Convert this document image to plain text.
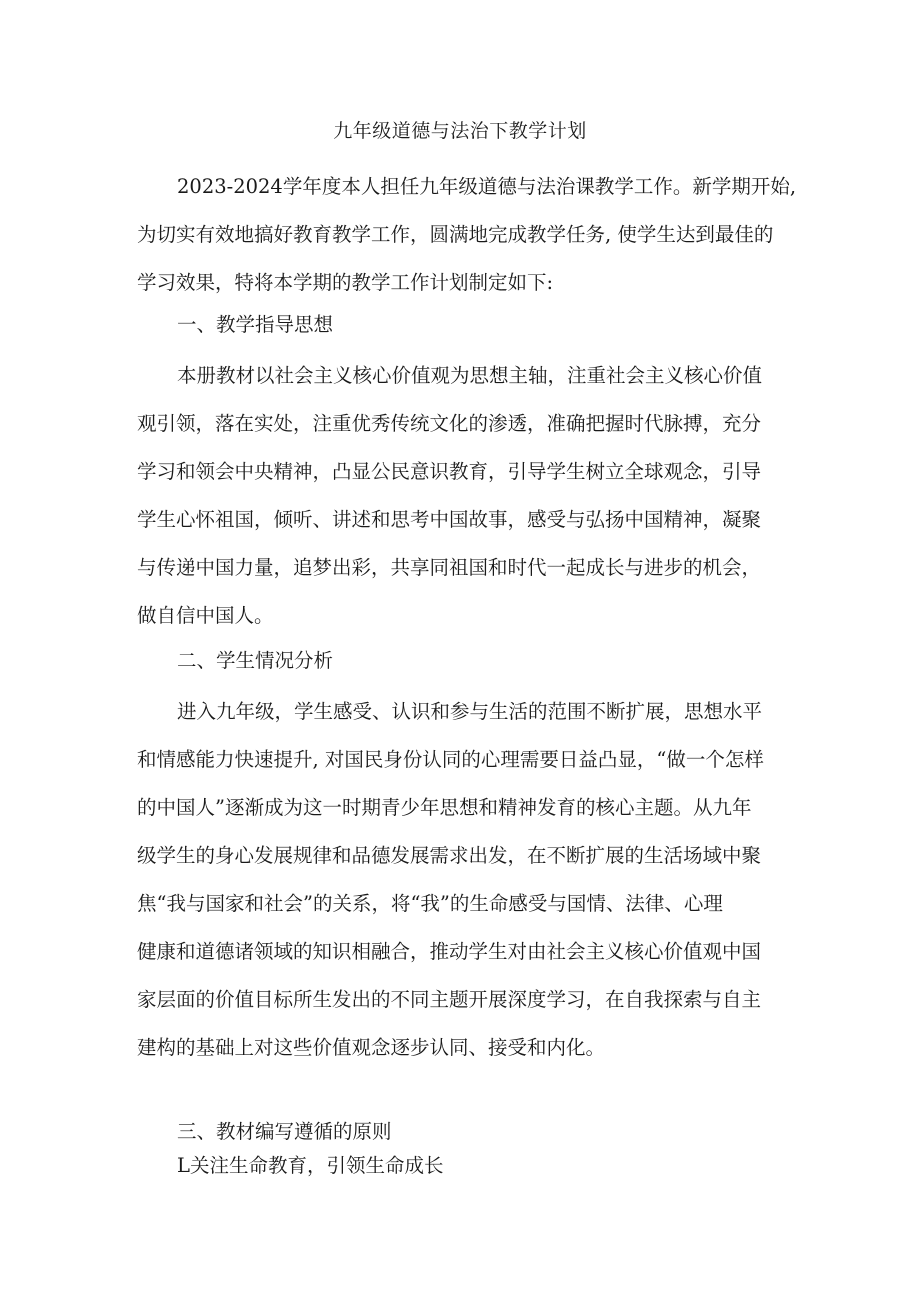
九年级道德与法治下教学计划
2023-2024学年度本人担任九年级道德与法治课教学工作。新学期开始,
为切实有效地搞好教育教学工作，圆满地完成教学任务, 使学生达到最佳的
学习效果，特将本学期的教学工作计划制定如下:
一、教学指导思想
本册教材以社会主义核心价值观为思想主轴，注重社会主义核心价值
观引领，落在实处，注重优秀传统文化的渗透，准确把握时代脉搏，充分
学习和领会中央精神，凸显公民意识教育，引导学生树立全球观念，引导
学生心怀祖国，倾听、讲述和思考中国故事，感受与弘扬中国精神，凝聚
与传递中国力量，追梦出彩，共享同祖国和时代一起成长与进步的机会，
做自信中国人。
二、学生情况分析
进入九年级，学生感受、认识和参与生活的范围不断扩展，思想水平
和情感能力快速提升, 对国民身份认同的心理需要日益凸显，“做一个怎样
的中国人”逐渐成为这一时期青少年思想和精神发育的核心主题。从九年
级学生的身心发展规律和品德发展需求出发，在不断扩展的生活场域中聚
焦“我与国家和社会”的关系，将“我”的生命感受与国情、法律、心理
健康和道德诸领域的知识相融合，推动学生对由社会主义核心价值观中国
家层面的价值目标所生发出的不同主题开展深度学习，在自我探索与自主
建构的基础上对这些价值观念逐步认同、接受和内化。
三、教材编写遵循的原则
L关注生命教育，引领生命成长
